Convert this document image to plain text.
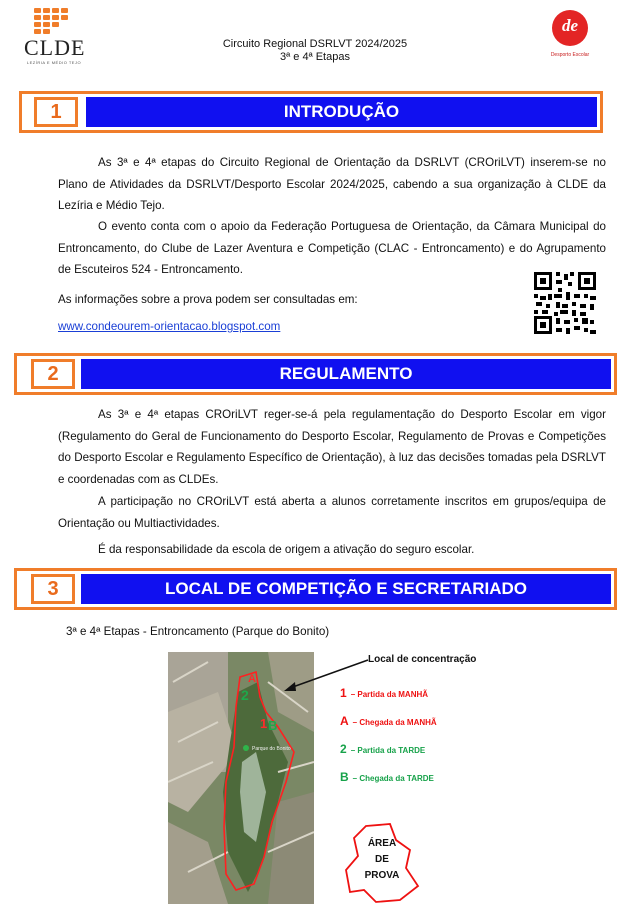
CLDE
LEZÍRIA E MÉDIO TEJO
Circuito Regional DSRLVT 2024/2025
3ª e 4ª Etapas
de
Desporto Escolar
INTRODUÇÃO
1
As 3ª e 4ª etapas do Circuito Regional de Orientação da DSRLVT (CROriLVT) inserem-se no Plano de Atividades da DSRLVT/Desporto Escolar 2024/2025, cabendo a sua organização à CLDE da Lezíria e Médio Tejo.
O evento conta com o apoio da Federação Portuguesa de Orientação, da Câmara Municipal do Entroncamento, do Clube de Lazer Aventura e Competição (CLAC - Entroncamento) e do Agrupamento de Escuteiros 524 - Entroncamento.
As informações sobre a prova podem ser consultadas em:
www.condeourem-orientacao.blogspot.com
REGULAMENTO
2
As 3ª e 4ª etapas CROriLVT reger-se-á pela regulamentação do Desporto Escolar em vigor (Regulamento do Geral de Funcionamento do Desporto Escolar, Regulamento de Provas e Competições do Desporto Escolar e Regulamento Específico de Orientação), à luz das decisões tomadas pela DSRLVT e coordenadas com as CLDEs.
A participação no CROriLVT está aberta a alunos corretamente inscritos em grupos/equipa de Orientação ou Multiactividades.
É da responsabilidade da escola de origem a ativação do seguro escolar.
LOCAL DE COMPETIÇÃO E SECRETARIADO
3
3ª e 4ª Etapas - Entroncamento (Parque do Bonito)
A
2
1 B
Parque do Bonito
Local de concentração
1 – Partida da MANHÃ
A – Chegada da MANHÃ
2 – Partida da TARDE
B – Chegada da TARDE
ÁREA
DE
PROVA
